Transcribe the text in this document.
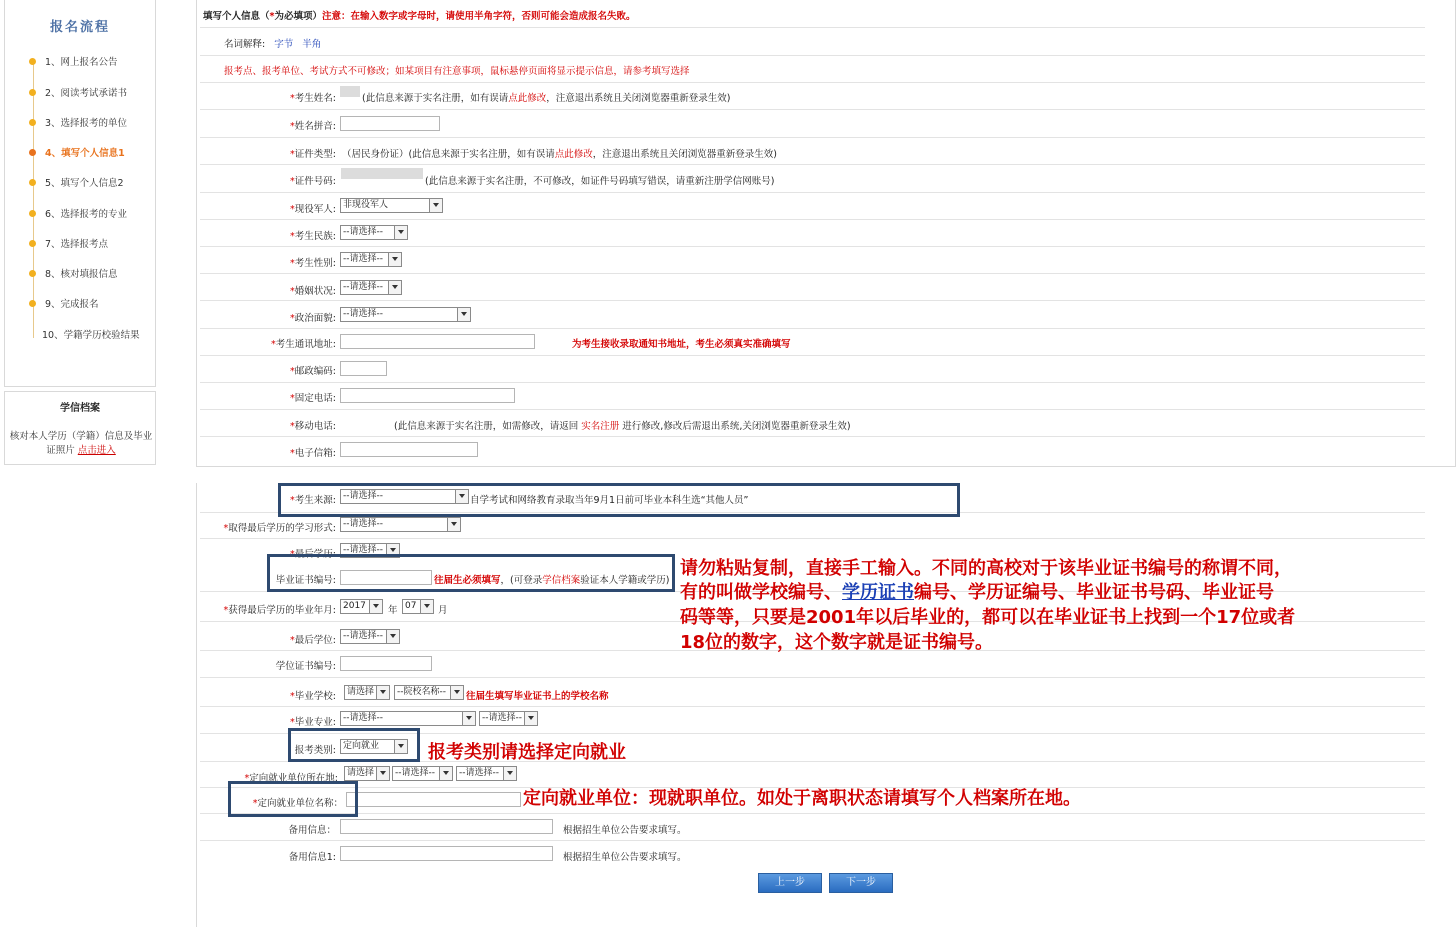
报名流程
1、网上报名公告
2、阅读考试承诺书
3、选择报考的单位
4、填写个人信息1
5、填写个人信息2
6、选择报考的专业
7、选择报考点
8、核对填报信息
9、完成报名
10、学籍学历校验结果
学信档案
核对本人学历（学籍）信息及毕业证照片 点击进入
填写个人信息（*为必填项）注意：在输入数字或字母时，请使用半角字符，否则可能会造成报名失败。
名词解释: 字节 半角
报考点、报考单位、考试方式不可修改；如某项目有注意事项，鼠标悬停页面将显示提示信息，请参考填写选择
*考生姓名:	(此信息来源于实名注册，如有误请点此修改，注意退出系统且关闭浏览器重新登录生效)
*姓名拼音:
*证件类型: （居民身份证）(此信息来源于实名注册，如有误请点此修改，注意退出系统且关闭浏览器重新登录生效)
*证件号码:	(此信息来源于实名注册，不可修改，如证件号码填写错误，请重新注册学信网账号)
*现役军人: 非现役军人
*考生民族: --请选择--
*考生性别: --请选择--
*婚姻状况: --请选择--
*政治面貌: --请选择--
*考生通讯地址:	为考生接收录取通知书地址，考生必须真实准确填写
*邮政编码:
*固定电话:
*移动电话:	(此信息来源于实名注册，如需修改，请返回 实名注册 进行修改,修改后需退出系统,关闭浏览器重新登录生效)
*电子信箱:
*考生来源: --请选择--	自学考试和网络教育录取当年9月1日前可毕业本科生选“其他人员”
*取得最后学历的学习形式: --请选择--
*最后学历: --请选择--
毕业证书编号:	往届生必须填写，(可登录学信档案验证本人学籍或学历)
*获得最后学历的毕业年月: 2017	年 07	月
*最后学位: --请选择--
学位证书编号:
*毕业学校:	请选择	--院校名称--	往届生填写毕业证书上的学校名称
*毕业专业: --请选择--	--请选择--
报考类别: 定向就业
*定向就业单位所在地:	请选择	--请选择--	--请选择--
*定向就业单位名称：
备用信息：	根据招生单位公告要求填写。
备用信息1:	根据招生单位公告要求填写。
上一步	下一步
请勿粘贴复制，直接手工输入。不同的高校对于该毕业证书编号的称谓不同，
有的叫做学校编号、学历证书编号、学历证编号、毕业证书号码、毕业证号
码等等，只要是2001年以后毕业的，都可以在毕业证书上找到一个17位或者
18位的数字，这个数字就是证书编号。
报考类别请选择定向就业
定向就业单位：现就职单位。如处于离职状态请填写个人档案所在地。
